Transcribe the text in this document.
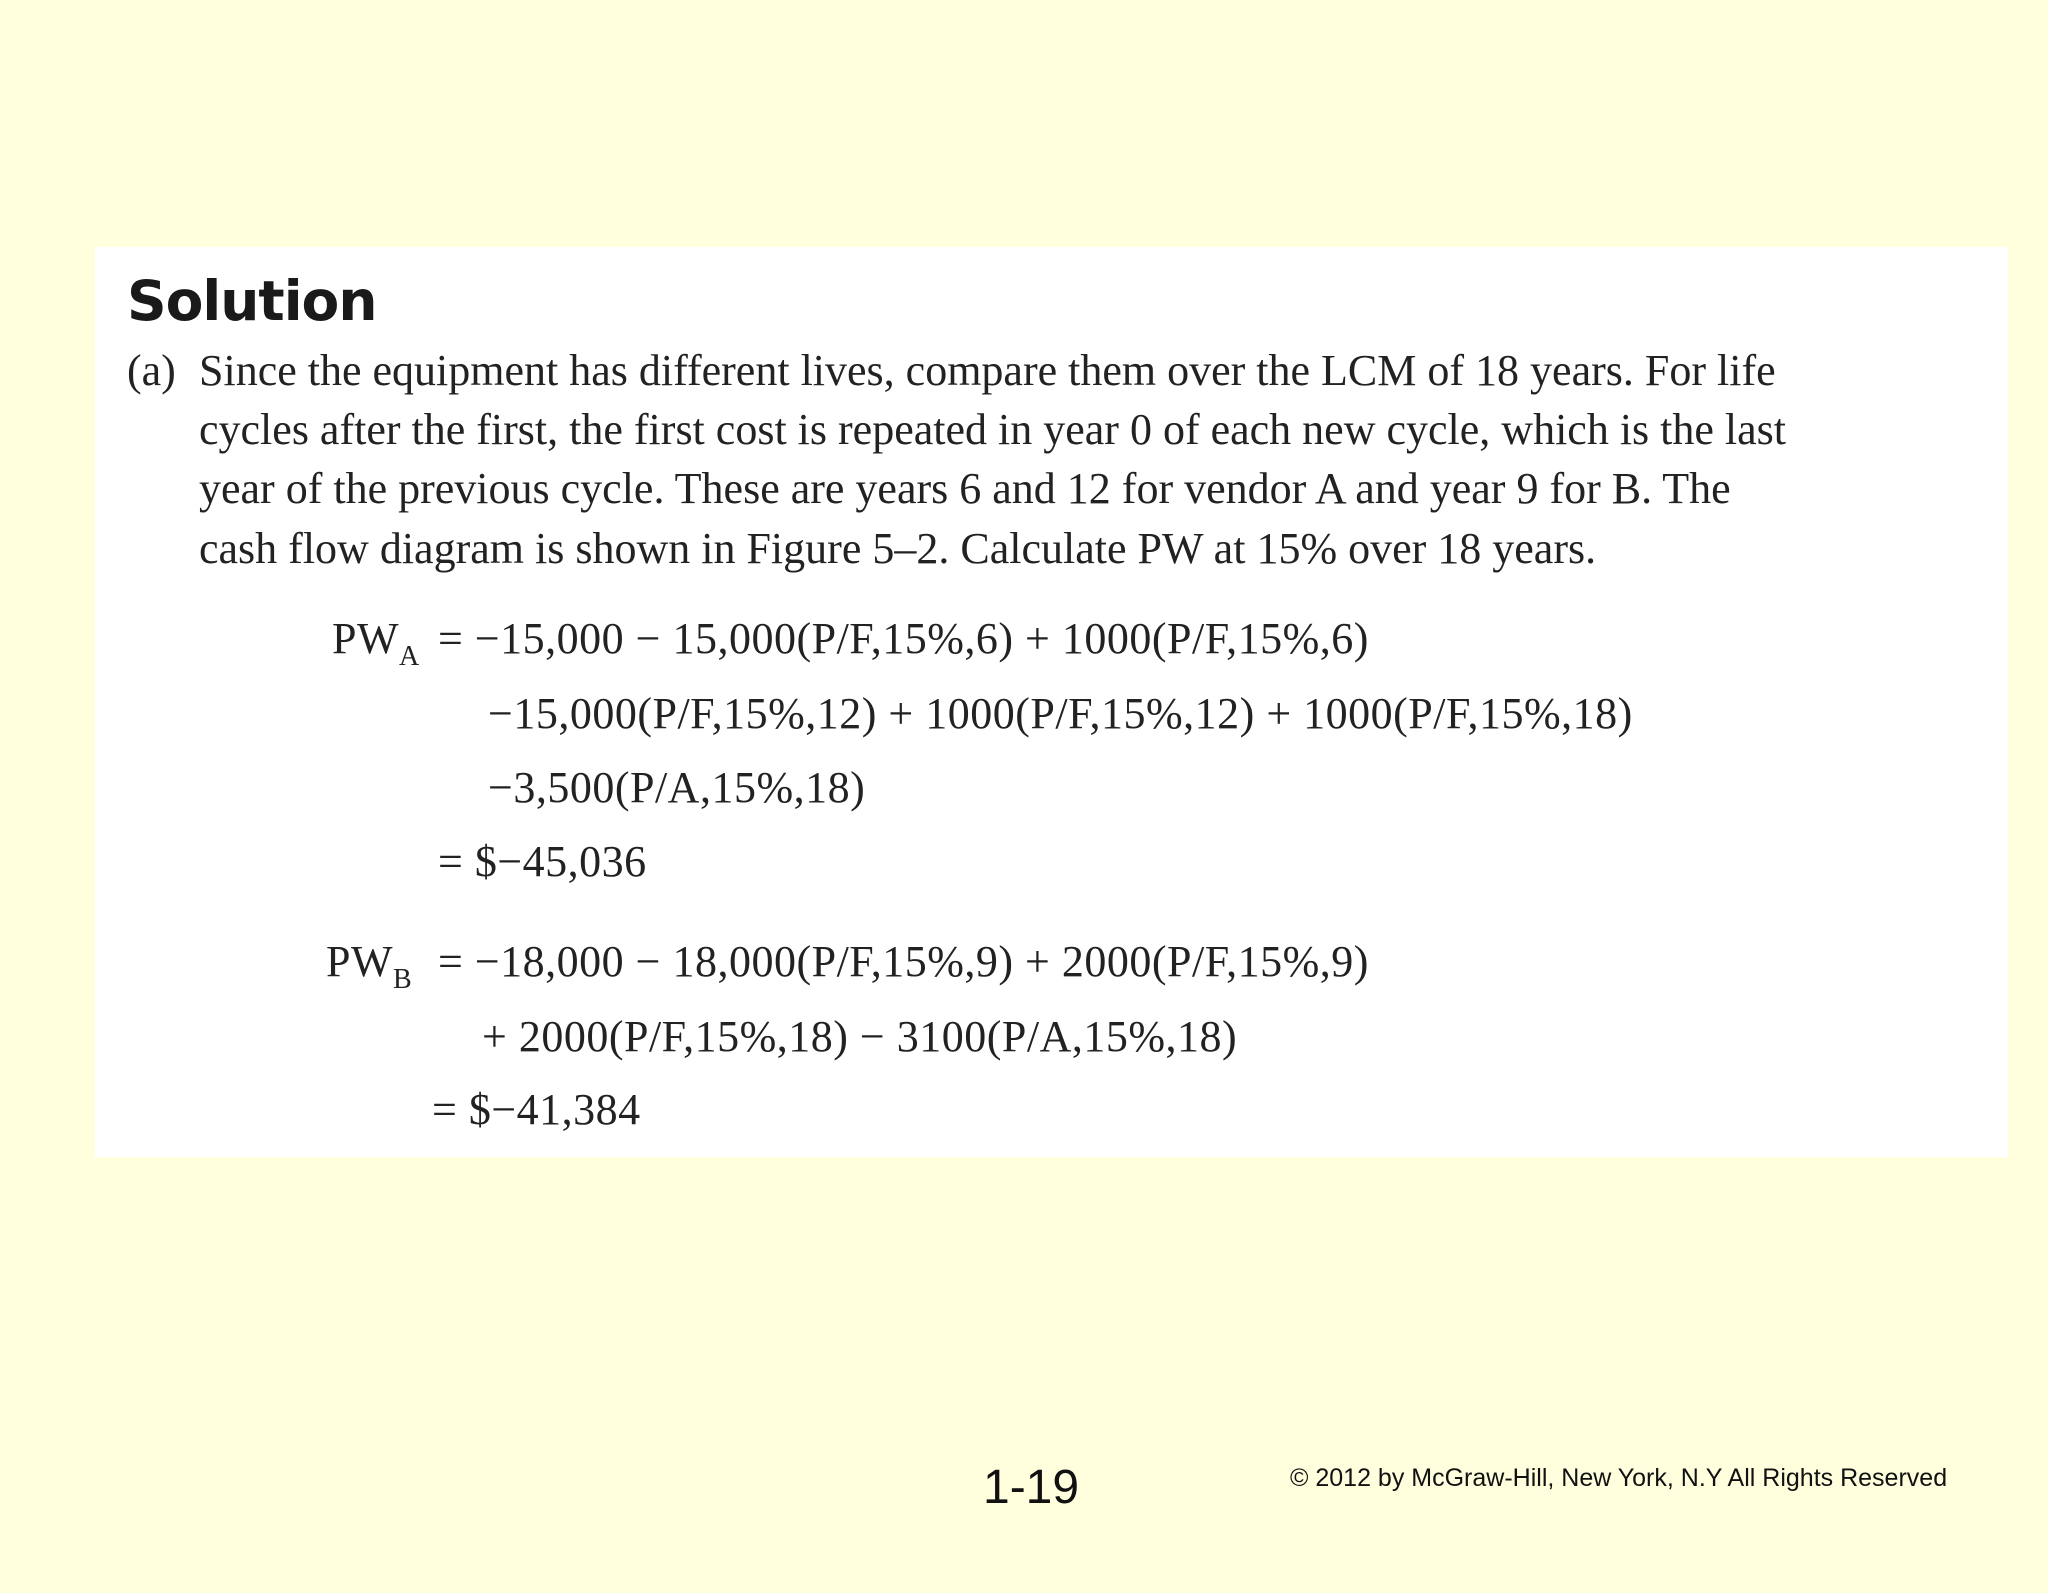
Solution
(a) Since the equipment has different lives, compare them over the LCM of 18 years. For life
cycles after the first, the first cost is repeated in year 0 of each new cycle, which is the last
year of the previous cycle. These are years 6 and 12 for vendor A and year 9 for B. The
cash flow diagram is shown in Figure 5–2. Calculate PW at 15% over 18 years.
$PW_A = -15,000 - 15,000(P/F,15\%,6) + 1000(P/F,15\%,6)$
−15,000(P/F,15%,12) + 1000(P/F,15%,12) + 1000(P/F,15%,18)
−3,500(P/A,15%,18)
= $−45,036
$PW_B = -18,000 - 18,000(P/F,15\%,9) + 2000(P/F,15\%,9)$
+ 2000(P/F,15%,18) − 3100(P/A,15%,18)
= $−41,384
1-19	© 2012 by McGraw-Hill, New York, N.Y All Rights Reserved
